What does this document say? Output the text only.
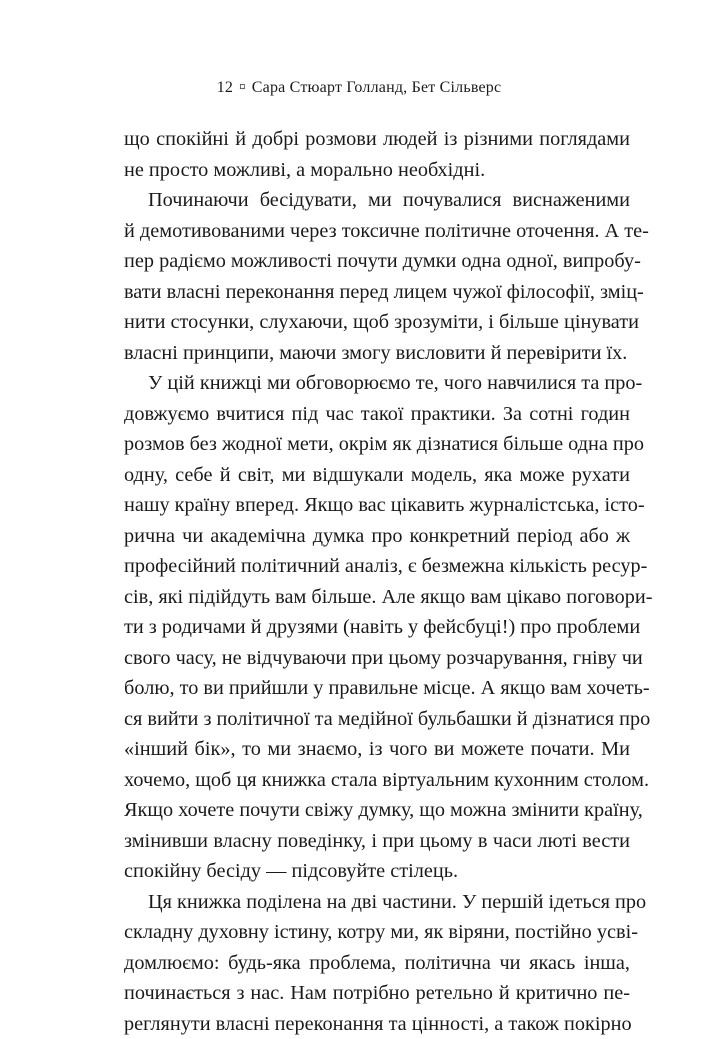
12 ¤ Сара Стюарт Голланд, Бет Сільверс
що спокійні й добрі розмови людей із різними поглядами
не просто можливі, а морально необхідні.
Починаючи бесідувати, ми почувалися виснаженими
й демотивованими через токсичне політичне оточення. А те-
пер радіємо можливості почути думки одна одної, випробу-
вати власні переконання перед лицем чужої філософії, змiц-
нити стосунки, слухаючи, щоб зрозуміти, і більше цінувати
власні принципи, маючи змогу висловити й перевірити їх.
У цій книжці ми обговорюємо те, чого навчилися та про-
довжуємо вчитися під час такої практики. За сотні годин
розмов без жодної мети, окрім як дізнатися більше одна про
одну, себе й світ, ми відшукали модель, яка може рухати
нашу країну вперед. Якщо вас цікавить журналістська, істо-
рична чи академічна думка про конкретний період або ж
професійний політичний аналіз, є безмежна кількість ресур-
сів, які підійдуть вам більше. Але якщо вам цікаво поговори-
ти з родичами й друзями (навіть у фейсбуці!) про проблеми
свого часу, не відчуваючи при цьому розчарування, гніву чи
болю, то ви прийшли у правильне місце. А якщо вам хочеть-
ся вийти з політичної та медійної бульбашки й дізнатися про
«інший бік», то ми знаємо, із чого ви можете почати. Ми
хочемо, щоб ця книжка стала віртуальним кухонним столом.
Якщо хочете почути свіжу думку, що можна змінити країну,
змінивши власну поведінку, і при цьому в часи люті вести
спокійну бесіду — підсовуйте стілець.
Ця книжка поділена на дві частини. У першій ідеться про
складну духовну істину, котру ми, як віряни, постійно усві-
домлюємо: будь-яка проблема, політична чи якась інша,
починається з нас. Нам потрібно ретельно й критично пе-
реглянути власні переконання та цінності, а також покірно
